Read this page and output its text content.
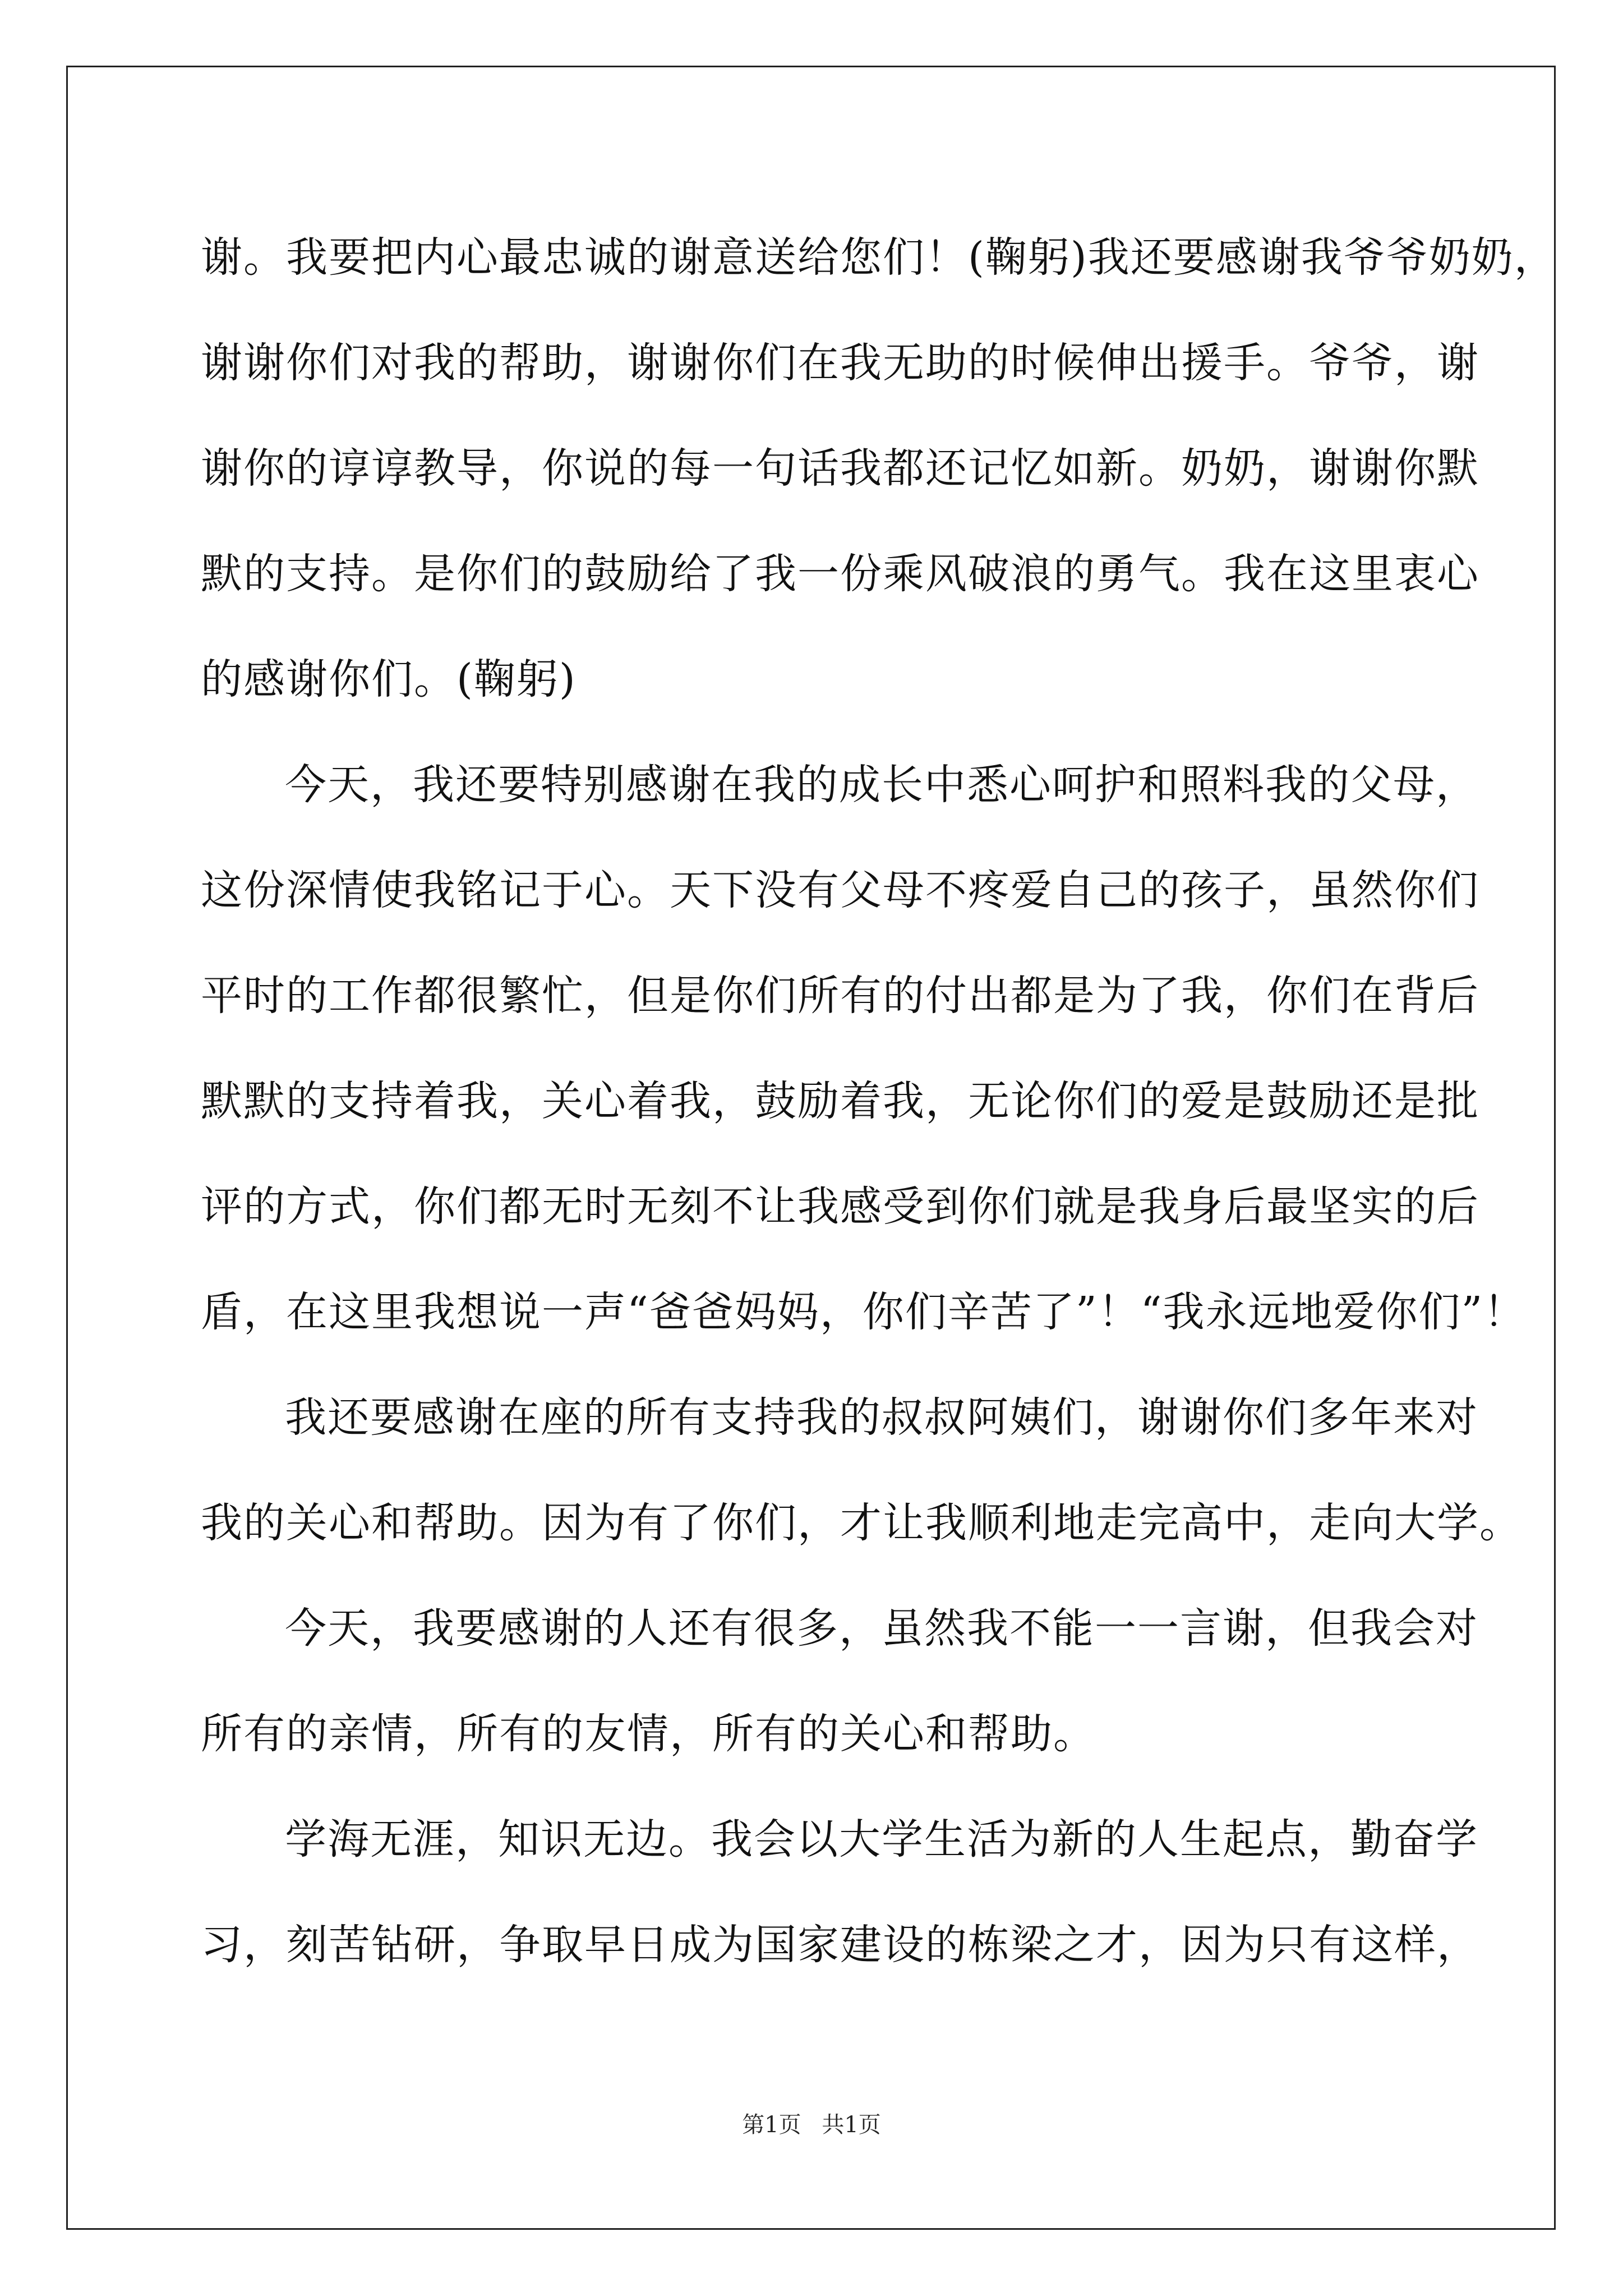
谢。我要把内心最忠诚的谢意送给您们！(鞠躬)我还要感谢我爷爷奶奶，
谢谢你们对我的帮助，谢谢你们在我无助的时候伸出援手。爷爷，谢
谢你的谆谆教导，你说的每一句话我都还记忆如新。奶奶，谢谢你默
默的支持。是你们的鼓励给了我一份乘风破浪的勇气。我在这里衷心
的感谢你们。(鞠躬)
今天，我还要特别感谢在我的成长中悉心呵护和照料我的父母，
这份深情使我铭记于心。天下没有父母不疼爱自己的孩子，虽然你们
平时的工作都很繁忙，但是你们所有的付出都是为了我，你们在背后
默默的支持着我，关心着我，鼓励着我，无论你们的爱是鼓励还是批
评的方式，你们都无时无刻不让我感受到你们就是我身后最坚实的后
盾，在这里我想说一声“爸爸妈妈，你们辛苦了”！“我永远地爱你们”！
我还要感谢在座的所有支持我的叔叔阿姨们，谢谢你们多年来对
我的关心和帮助。因为有了你们，才让我顺利地走完高中，走向大学。
今天，我要感谢的人还有很多，虽然我不能一一言谢，但我会对
所有的亲情，所有的友情，所有的关心和帮助。
学海无涯，知识无边。我会以大学生活为新的人生起点，勤奋学
习，刻苦钻研，争取早日成为国家建设的栋梁之才，因为只有这样，
第1页 共1页
